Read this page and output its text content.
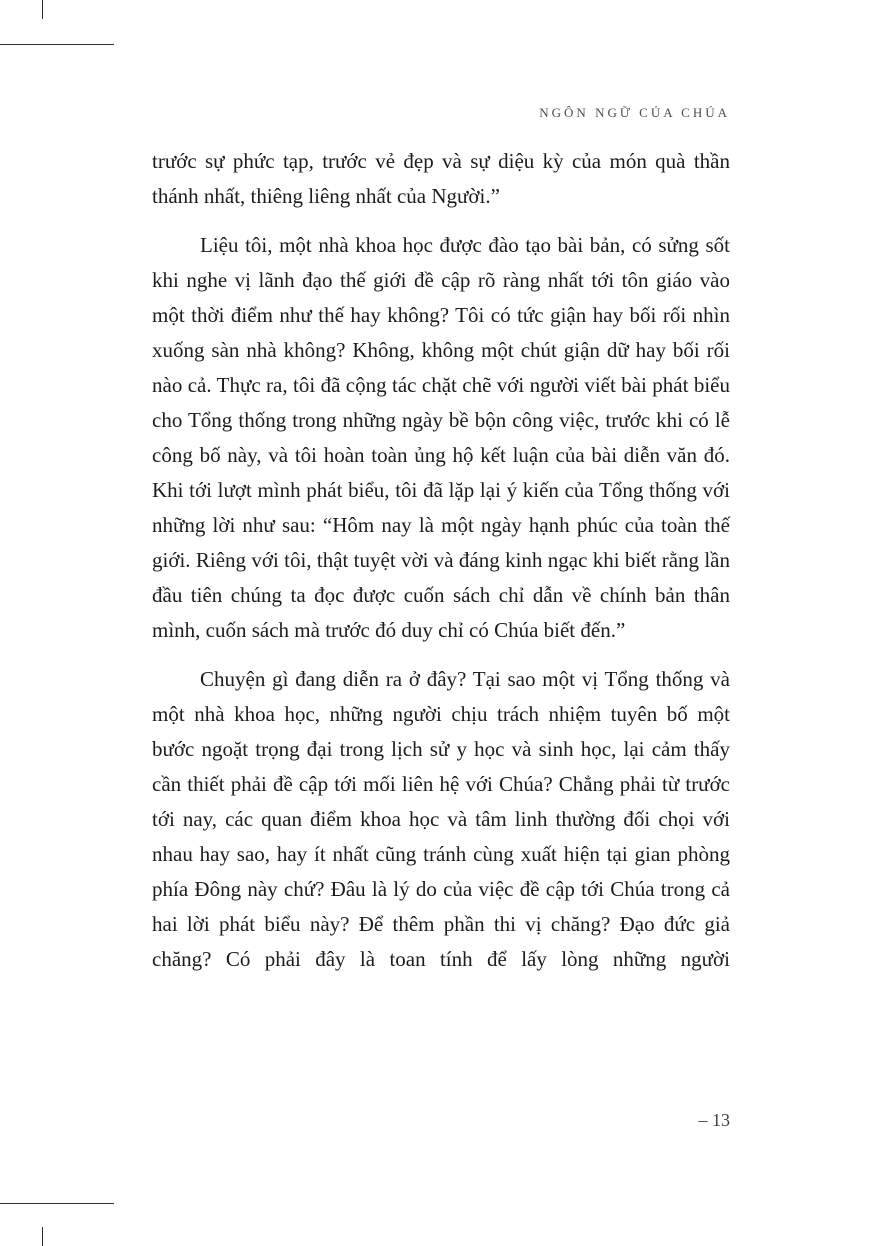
NGÔN NGỮ CỦA CHÚA

trước sự phức tạp, trước vẻ đẹp và sự diệu kỳ của món quà thần thánh nhất, thiêng liêng nhất của Người.”

Liệu tôi, một nhà khoa học được đào tạo bài bản, có sửng sốt khi nghe vị lãnh đạo thế giới đề cập rõ ràng nhất tới tôn giáo vào một thời điểm như thế hay không? Tôi có tức giận hay bối rối nhìn xuống sàn nhà không? Không, không một chút giận dữ hay bối rối nào cả. Thực ra, tôi đã cộng tác chặt chẽ với người viết bài phát biểu cho Tổng thống trong những ngày bề bộn công việc, trước khi có lễ công bố này, và tôi hoàn toàn ủng hộ kết luận của bài diễn văn đó. Khi tới lượt mình phát biểu, tôi đã lặp lại ý kiến của Tổng thống với những lời như sau: “Hôm nay là một ngày hạnh phúc của toàn thế giới. Riêng với tôi, thật tuyệt vời và đáng kinh ngạc khi biết rằng lần đầu tiên chúng ta đọc được cuốn sách chỉ dẫn về chính bản thân mình, cuốn sách mà trước đó duy chỉ có Chúa biết đến.”

Chuyện gì đang diễn ra ở đây? Tại sao một vị Tổng thống và một nhà khoa học, những người chịu trách nhiệm tuyên bố một bước ngoặt trọng đại trong lịch sử y học và sinh học, lại cảm thấy cần thiết phải đề cập tới mối liên hệ với Chúa? Chẳng phải từ trước tới nay, các quan điểm khoa học và tâm linh thường đối chọi với nhau hay sao, hay ít nhất cũng tránh cùng xuất hiện tại gian phòng phía Đông này chứ? Đâu là lý do của việc đề cập tới Chúa trong cả hai lời phát biểu này? Để thêm phần thi vị chăng? Đạo đức giả chăng? Có phải đây là toan tính để lấy lòng những người

– 13
